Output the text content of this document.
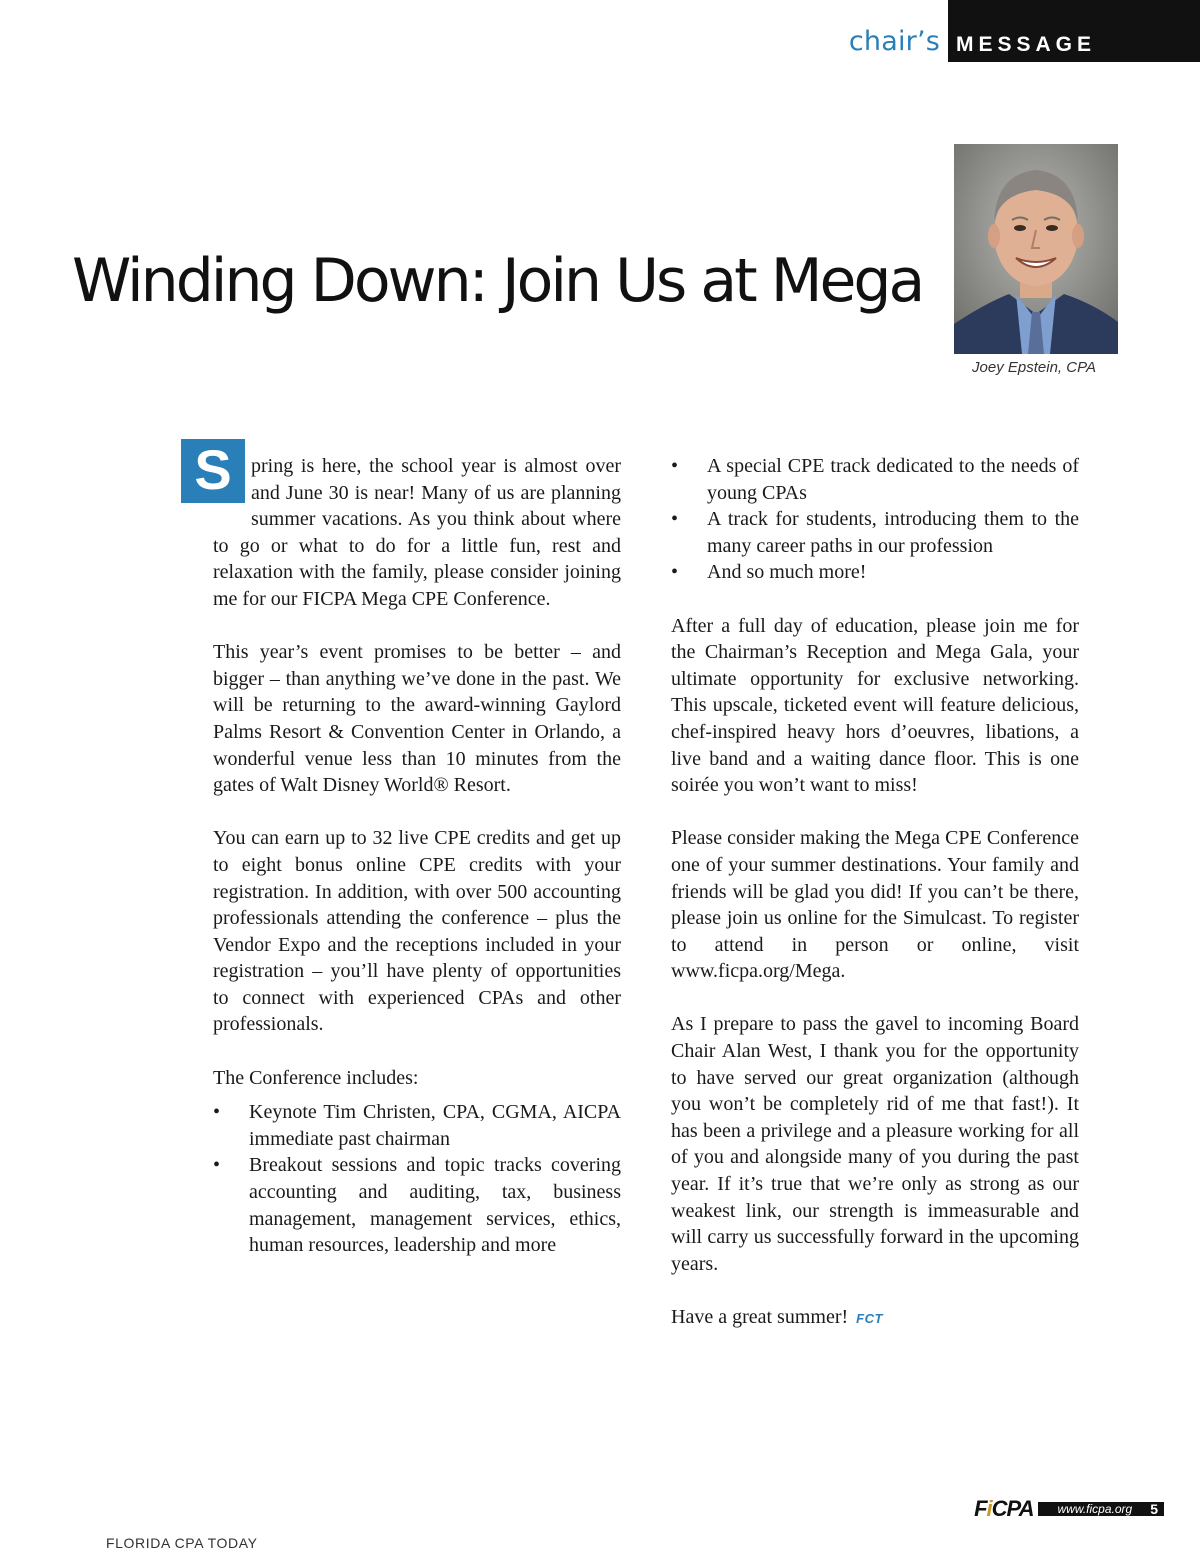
chair’s MESSAGE
Winding Down: Join Us at Mega
Joey Epstein, CPA

S pring is here, the school year is almost over and June 30 is near! Many of us are planning summer vacations. As you think about where to go or what to do for a little fun, rest and relaxation with the family, please consider joining me for our FICPA Mega CPE Conference.

This year’s event promises to be better – and bigger – than anything we’ve done in the past. We will be returning to the award-winning Gaylord Palms Resort & Convention Center in Orlando, a wonderful venue less than 10 minutes from the gates of Walt Disney World® Resort.

You can earn up to 32 live CPE credits and get up to eight bonus online CPE credits with your registration. In addition, with over 500 accounting professionals attending the conference – plus the Vendor Expo and the receptions included in your registration – you’ll have plenty of opportunities to connect with experienced CPAs and other professionals.

The Conference includes:

• Keynote Tim Christen, CPA, CGMA, AICPA immediate past chairman
• Breakout sessions and topic tracks covering accounting and auditing, tax, business management, management services, ethics, human resources, leadership and more
• A special CPE track dedicated to the needs of young CPAs
• A track for students, introducing them to the many career paths in our profession
• And so much more!

After a full day of education, please join me for the Chairman’s Reception and Mega Gala, your ultimate opportunity for exclusive networking. This upscale, ticketed event will feature delicious, chef-inspired heavy hors d’oeuvres, libations, a live band and a waiting dance floor. This is one soirée you won’t want to miss!

Please consider making the Mega CPE Conference one of your summer destinations. Your family and friends will be glad you did! If you can’t be there, please join us online for the Simulcast. To register to attend in person or online, visit www.ficpa.org/Mega.

As I prepare to pass the gavel to incoming Board Chair Alan West, I thank you for the opportunity to have served our great organization (although you won’t be completely rid of me that fast!). It has been a privilege and a pleasure working for all of you and alongside many of you during the past year. If it’s true that we’re only as strong as our weakest link, our strength is immeasurable and will carry us successfully forward in the upcoming years.

Have a great summer! FCT

FLORIDA CPA TODAY
FiCPA www.ficpa.org 5
